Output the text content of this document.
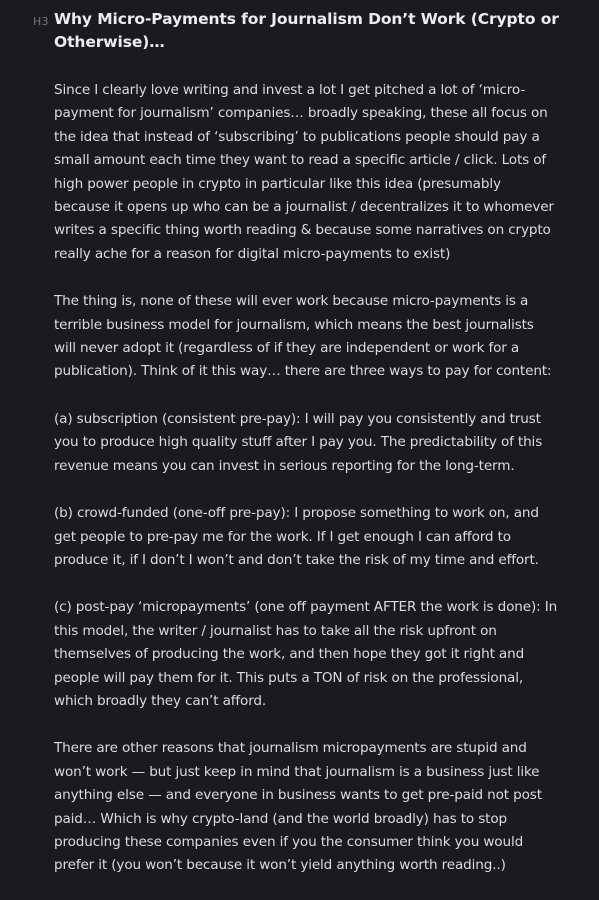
H3 Why Micro-Payments for Journalism Don’t Work (Crypto or Otherwise)…

Since I clearly love writing and invest a lot I get pitched a lot of ‘micro-payment for journalism’ companies… broadly speaking, these all focus on the idea that instead of ‘subscribing’ to publications people should pay a small amount each time they want to read a specific article / click. Lots of high power people in crypto in particular like this idea (presumably because it opens up who can be a journalist / decentralizes it to whomever writes a specific thing worth reading & because some narratives on crypto really ache for a reason for digital micro-payments to exist)

The thing is, none of these will ever work because micro-payments is a terrible business model for journalism, which means the best journalists will never adopt it (regardless of if they are independent or work for a publication). Think of it this way… there are three ways to pay for content:

(a) subscription (consistent pre-pay): I will pay you consistently and trust you to produce high quality stuff after I pay you. The predictability of this revenue means you can invest in serious reporting for the long-term.

(b) crowd-funded (one-off pre-pay): I propose something to work on, and get people to pre-pay me for the work. If I get enough I can afford to produce it, if I don’t I won’t and don’t take the risk of my time and effort.

(c) post-pay ‘micropayments’ (one off payment AFTER the work is done): In this model, the writer / journalist has to take all the risk upfront on themselves of producing the work, and then hope they got it right and people will pay them for it. This puts a TON of risk on the professional, which broadly they can’t afford.

There are other reasons that journalism micropayments are stupid and won’t work — but just keep in mind that journalism is a business just like anything else — and everyone in business wants to get pre-paid not post paid… Which is why crypto-land (and the world broadly) has to stop producing these companies even if you the consumer think you would prefer it (you won’t because it won’t yield anything worth reading..)
